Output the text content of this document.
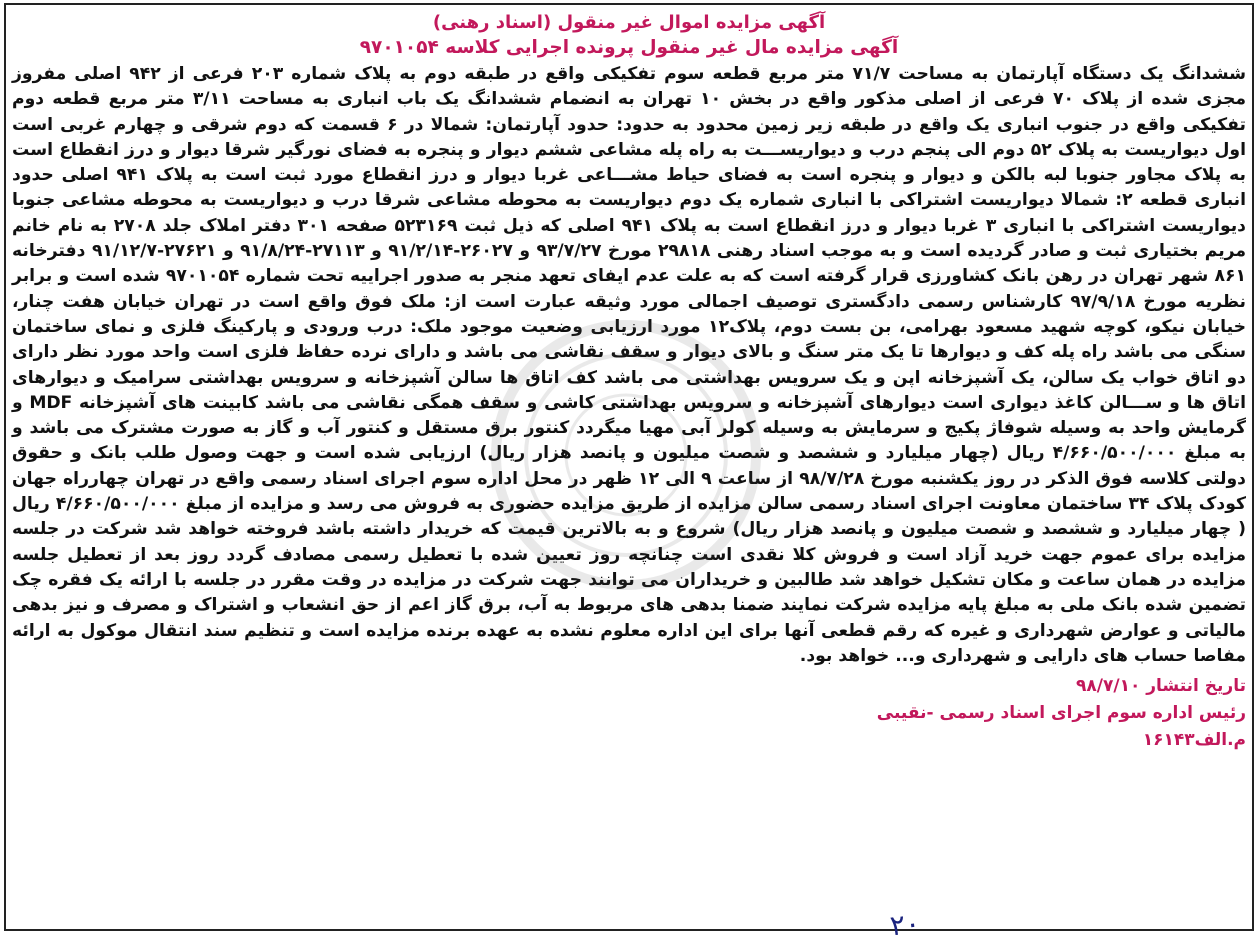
آگهی مزایده اموال غیر منقول (اسناد رهنی)

آگهی مزایده مال غیر منقول پرونده اجرایی کلاسه ۹۷۰۱۰۵۴

ششدانگ یک دستگاه آپارتمان به مساحت ۷۱/۷ متر مربع قطعه سوم تفکیکی واقع در طبقه دوم به پلاک شماره ۲۰۳ فرعی از ۹۴۲ اصلی مفروز مجزی شده از پلاک ۷۰ فرعی از اصلی مذکور واقع در بخش ۱۰ تهران به انضمام ششدانگ یک باب انباری به مساحت ۳/۱۱ متر مربع قطعه دوم تفکیکی واقع در جنوب انباری یک واقع در طبقه زیر زمین محدود به حدود: حدود آپارتمان: شمالا در ۶ قسمت که دوم شرقی و چهارم غربی است اول دیواریست به پلاک ۵۲ دوم الی پنجم درب و دیواریســـت به راه پله مشاعی ششم دیوار و پنجره به فضای نورگیر شرقا دیوار و درز انقطاع است به پلاک مجاور جنوبا لبه بالکن و دیوار و پنجره است به فضای حیاط مشـــاعی غربا دیوار و درز انقطاع مورد ثبت است به پلاک ۹۴۱ اصلی حدود انباری قطعه ۲: شمالا دیواریست اشتراکی با انباری شماره یک دوم دیواریست به محوطه مشاعی شرقا درب و دیواریست به محوطه مشاعی جنوبا دیواریست اشتراکی با انباری ۳ غربا دیوار و درز انقطاع است به پلاک ۹۴۱ اصلی که ذیل ثبت ۵۲۳۱۶۹ صفحه ۳۰۱ دفتر املاک جلد ۲۷۰۸ به نام خانم مریم بختیاری ثبت و صادر گردیده است و به موجب اسناد رهنی ۲۹۸۱۸ مورخ ۹۳/۷/۲۷ و ۲۶۰۲۷-۹۱/۲/۱۴ و ۲۷۱۱۳-۹۱/۸/۲۴ و ۲۷۶۲۱-۹۱/۱۲/۷ دفترخانه ۸۶۱ شهر تهران در رهن بانک کشاورزی قرار گرفته است که به علت عدم ایفای تعهد منجر به صدور اجراییه تحت شماره ۹۷۰۱۰۵۴ شده است و برابر نظریه مورخ ۹۷/۹/۱۸ کارشناس رسمی دادگستری توصیف اجمالی مورد وثیقه عبارت است از: ملک فوق واقع است در تهران خیابان هفت چنار، خیابان نیکو، کوچه شهید مسعود بهرامی، بن بست دوم، پلاک۱۲ مورد ارزیابی وضعیت موجود ملک: درب ورودی و پارکینگ فلزی و نمای ساختمان سنگی می باشد راه پله کف و دیوارها تا یک متر سنگ و بالای دیوار و سقف نقاشی می باشد و دارای نرده حفاظ فلزی است واحد مورد نظر دارای دو اتاق خواب یک سالن، یک آشپزخانه اپن و یک سرویس بهداشتی می باشد کف اتاق ها سالن آشپزخانه و سرویس بهداشتی سرامیک و دیوارهای اتاق ها و ســـالن کاغذ دیواری است دیوارهای آشپزخانه و سرویس بهداشتی کاشی و سقف همگی نقاشی می باشد کابینت های آشپزخانه MDF و گرمایش واحد به وسیله شوفاژ پکیج و سرمایش به وسیله کولر آبی مهیا میگردد کنتور برق مستقل و کنتور آب و گاز به صورت مشترک می باشد و به مبلغ ۴/۶۶۰/۵۰۰/۰۰۰ ریال (چهار میلیارد و ششصد و شصت میلیون و پانصد هزار ریال) ارزیابی شده است و جهت وصول طلب بانک و حقوق دولتی کلاسه فوق الذکر در روز یکشنبه مورخ ۹۸/۷/۲۸ از ساعت ۹ الی ۱۲ ظهر در محل اداره سوم اجرای اسناد رسمی واقع در تهران چهارراه جهان کودک پلاک ۳۴ ساختمان معاونت اجرای اسناد رسمی سالن مزایده از طریق مزایده حضوری به فروش می رسد و مزایده از مبلغ ۴/۶۶۰/۵۰۰/۰۰۰ ریال ( چهار میلیارد و ششصد و شصت میلیون و پانصد هزار ریال) شروع و به بالاترین قیمت که خریدار داشته باشد فروخته خواهد شد شرکت در جلسه مزایده برای عموم جهت خرید آزاد است و فروش کلا نقدی است چنانچه روز تعیین شده با تعطیل رسمی مصادف گردد روز بعد از تعطیل جلسه مزایده در همان ساعت و مکان تشکیل خواهد شد طالبین و خریداران می توانند جهت شرکت در مزایده در وقت مقرر در جلسه با ارائه یک فقره چک تضمین شده بانک ملی به مبلغ پایه مزایده شرکت نمایند ضمنا بدهی های مربوط به آب، برق گاز اعم از حق انشعاب و اشتراک و مصرف و نیز بدهی مالیاتی و عوارض شهرداری و غیره که رقم قطعی آنها برای این اداره معلوم نشده به عهده برنده مزایده است و تنظیم سند انتقال موکول به ارائه مفاصا حساب های دارایی و شهرداری و... خواهد بود.

تاریخ انتشار ۹۸/۷/۱۰
رئیس اداره سوم اجرای اسناد رسمی -نقیبی
م.الف۱۶۱۴۳
۲۰
